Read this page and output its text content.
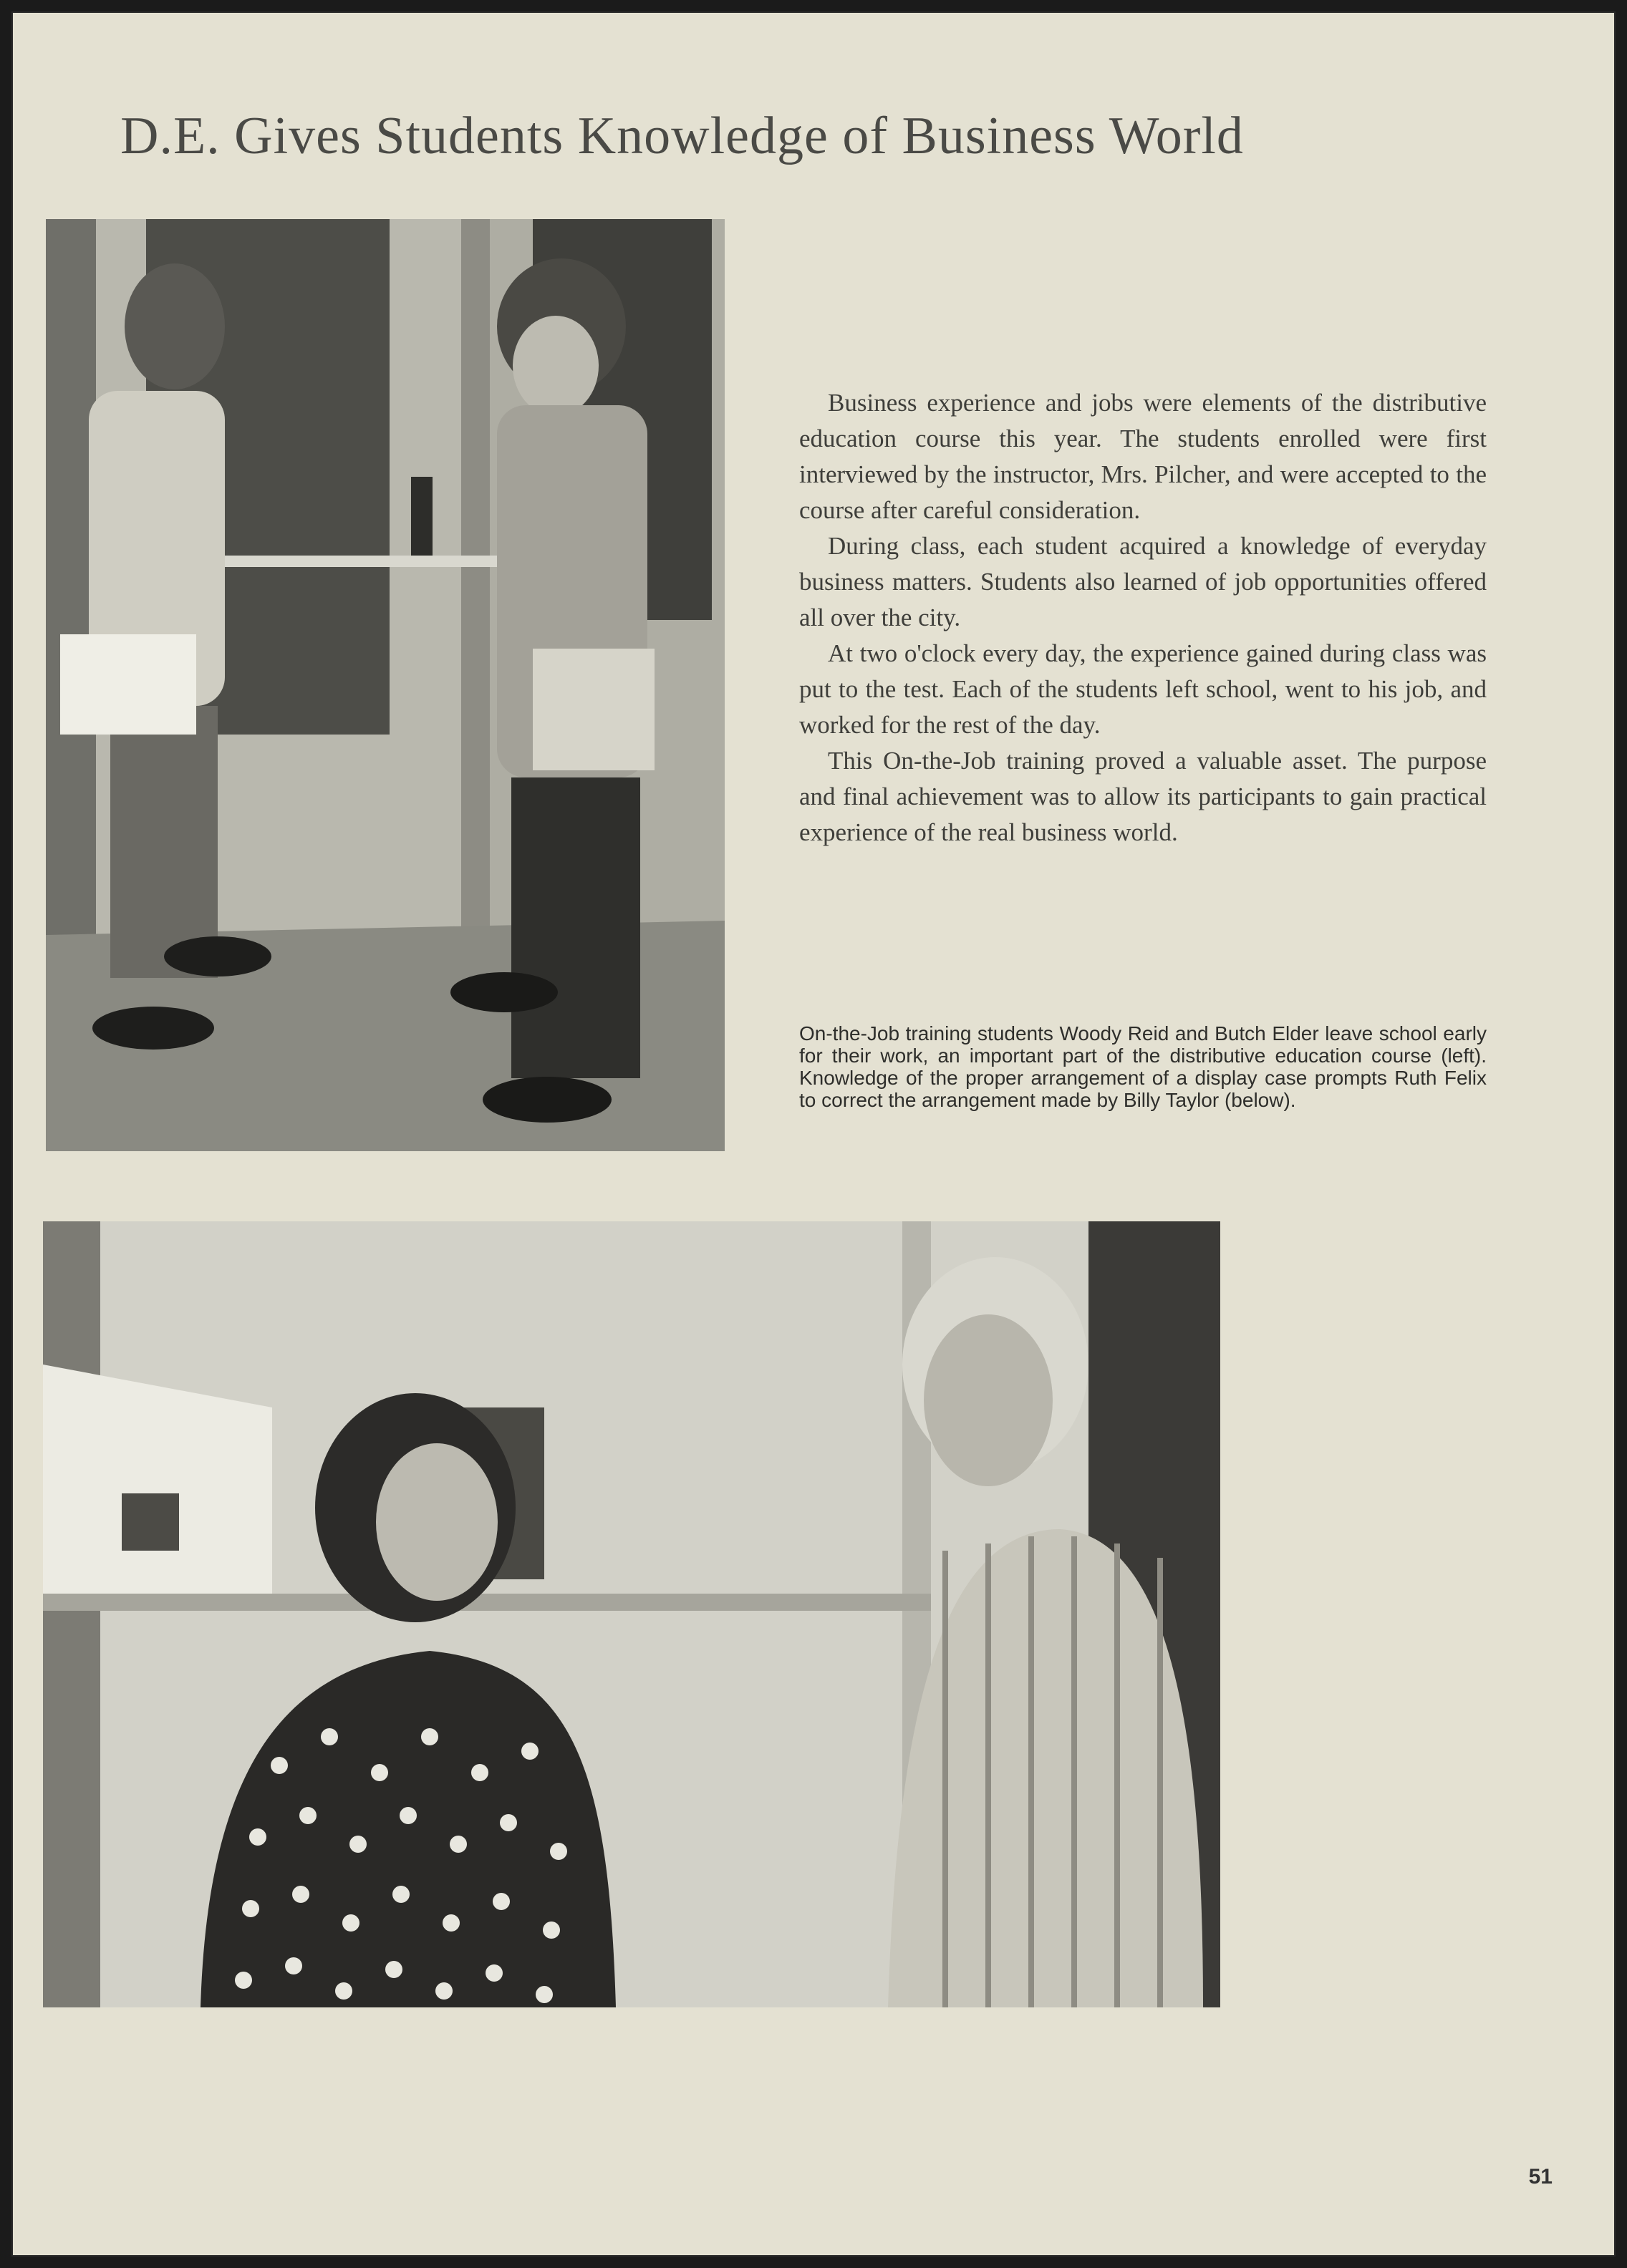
D.E. Gives Students Knowledge of Business World

Business experience and jobs were elements of the distributive education course this year. The students enrolled were first interviewed by the instructor, Mrs. Pilcher, and were accepted to the course after careful consideration.

During class, each student acquired a knowledge of everyday business matters. Students also learned of job opportunities offered all over the city.

At two o'clock every day, the experience gained during class was put to the test. Each of the students left school, went to his job, and worked for the rest of the day.

This On-the-Job training proved a valuable asset. The purpose and final achievement was to allow its participants to gain practical experience of the real business world.

On-the-Job training students Woody Reid and Butch Elder leave school early for their work, an important part of the distributive education course (left). Knowledge of the proper arrangement of a display case prompts Ruth Felix to correct the arrangement made by Billy Taylor (below).
51
